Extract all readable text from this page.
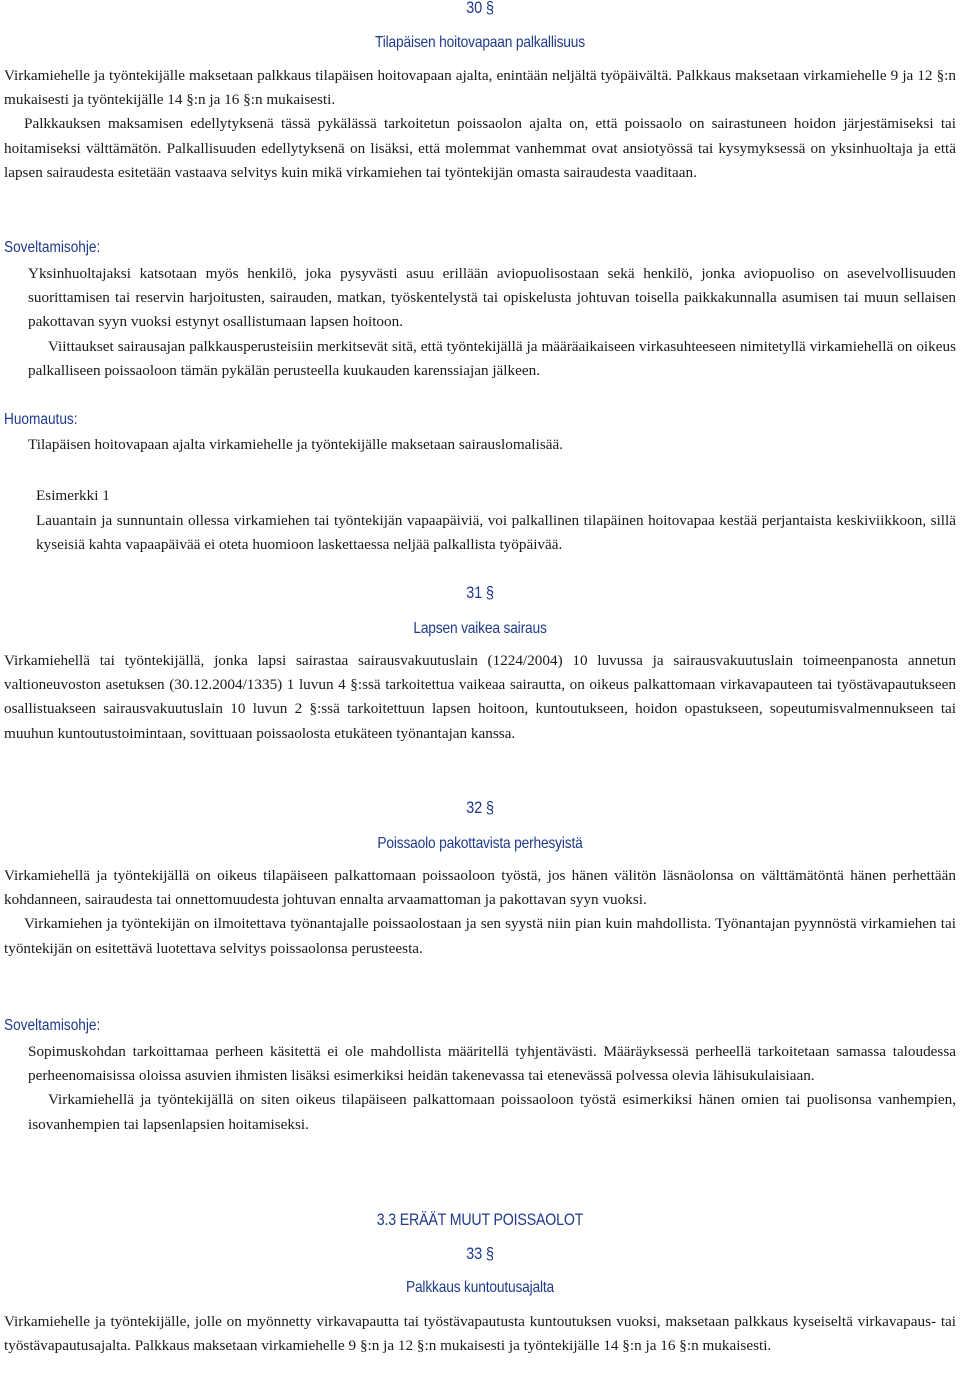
30 §
Tilapäisen hoitovapaan palkallisuus

Virkamiehelle ja työntekijälle maksetaan palkkaus tilapäisen hoitovapaan ajalta, enintään neljältä työpäivältä. Palkkaus maksetaan virkamiehelle 9 ja 12 §:n mukaisesti ja työntekijälle 14 §:n ja 16 §:n mukaisesti.

Palkkauksen maksamisen edellytyksenä tässä pykälässä tarkoitetun poissaolon ajalta on, että poissaolo on sairastuneen hoidon järjestämiseksi tai hoitamiseksi välttämätön. Palkallisuuden edellytyksenä on lisäksi, että molemmat vanhemmat ovat ansiotyössä tai kysymyksessä on yksinhuoltaja ja että lapsen sairaudesta esitetään vastaava selvitys kuin mikä virkamiehen tai työntekijän omasta sairaudesta vaaditaan.

Soveltamisohje:

Yksinhuoltajaksi katsotaan myös henkilö, joka pysyvästi asuu erillään aviopuolisostaan sekä henkilö, jonka aviopuoliso on asevelvollisuuden suorittamisen tai reservin harjoitusten, sairauden, matkan, työskentelystä tai opiskelusta johtuvan toisella paikkakunnalla asumisen tai muun sellaisen pakottavan syyn vuoksi estynyt osallistumaan lapsen hoitoon.

Viittaukset sairausajan palkkausperusteisiin merkitsevät sitä, että työntekijällä ja määräaikaiseen virkasuhteeseen nimitetyllä virkamiehellä on oikeus palkalliseen poissaoloon tämän pykälän perusteella kuukauden karenssiajan jälkeen.

Huomautus:
Tilapäisen hoitovapaan ajalta virkamiehelle ja työntekijälle maksetaan sairauslomalisää.
Esimerkki 1
Lauantain ja sunnuntain ollessa virkamiehen tai työntekijän vapaapäiviä, voi palkallinen tilapäinen hoitovapaa kestää perjantaista keskiviikkoon, sillä kyseisiä kahta vapaapäivää ei oteta huomioon laskettaessa neljää palkallista työpäivää.
31 §
Lapsen vaikea sairaus

Virkamiehellä tai työntekijällä, jonka lapsi sairastaa sairausvakuutuslain (1224/2004) 10 luvussa ja sairausvakuutuslain toimeenpanosta annetun valtioneuvoston asetuksen (30.12.2004/1335) 1 luvun 4 §:ssä tarkoitettua vaikeaa sairautta, on oikeus palkattomaan virkavapauteen tai työstävapautukseen osallistuakseen sairausvakuutuslain 10 luvun 2 §:ssä tarkoitettuun lapsen hoitoon, kuntoutukseen, hoidon opastukseen, sopeutumisvalmennukseen tai muuhun kuntoutustoimintaan, sovittuaan poissaolosta etukäteen työnantajan kanssa.

32 §
Poissaolo pakottavista perhesyistä

Virkamiehellä ja työntekijällä on oikeus tilapäiseen palkattomaan poissaoloon työstä, jos hänen välitön läsnäolonsa on välttämätöntä hänen perhettään kohdanneen, sairaudesta tai onnettomuudesta johtuvan ennalta arvaamattoman ja pakottavan syyn vuoksi.

Virkamiehen ja työntekijän on ilmoitettava työnantajalle poissaolostaan ja sen syystä niin pian kuin mahdollista. Työnantajan pyynnöstä virkamiehen tai työntekijän on esitettävä luotettava selvitys poissaolonsa perusteesta.

Soveltamisohje:

Sopimuskohdan tarkoittamaa perheen käsitettä ei ole mahdollista määritellä tyhjentävästi. Määräyksessä perheellä tarkoitetaan samassa taloudessa perheenomaisissa oloissa asuvien ihmisten lisäksi esimerkiksi heidän takenevassa tai etenevässä polvessa olevia lähisukulaisiaan.

Virkamiehellä ja työntekijällä on siten oikeus tilapäiseen palkattomaan poissaoloon työstä esimerkiksi hänen omien tai puolisonsa vanhempien, isovanhempien tai lapsenlapsien hoitamiseksi.

3.3 ERÄÄT MUUT POISSAOLOT
33 §
Palkkaus kuntoutusajalta

Virkamiehelle ja työntekijälle, jolle on myönnetty virkavapautta tai työstävapautusta kuntoutuksen vuoksi, maksetaan palkkaus kyseiseltä virkavapaus- tai työstävapautusajalta. Palkkaus maksetaan virkamiehelle 9 §:n ja 12 §:n mukaisesti ja työntekijälle 14 §:n ja 16 §:n mukaisesti.
